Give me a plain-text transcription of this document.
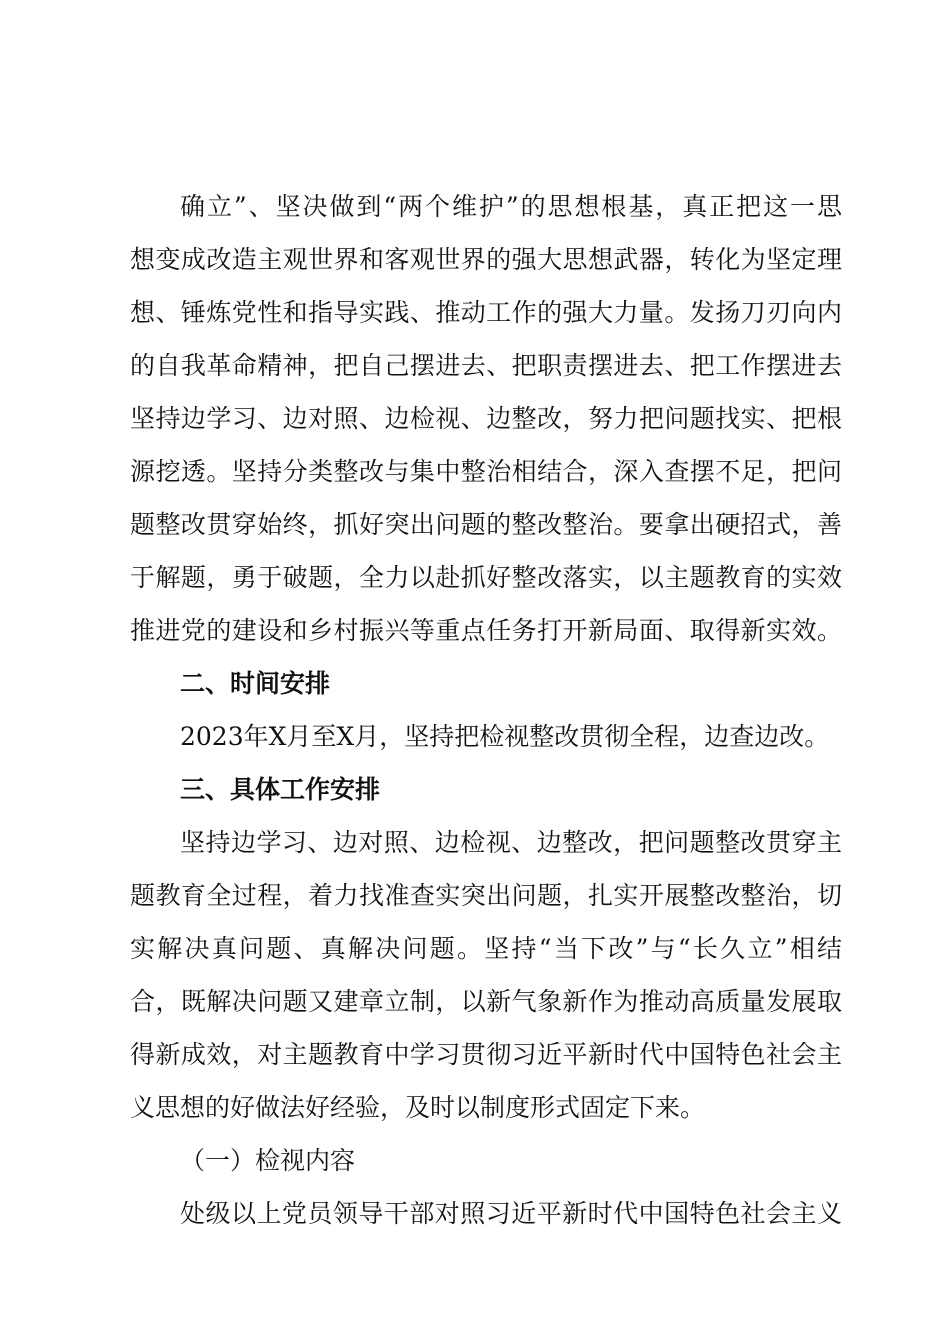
确立”、坚决做到“两个维护”的思想根基，真正把这一思
想变成改造主观世界和客观世界的强大思想武器，转化为坚定理
想、锤炼党性和指导实践、推动工作的强大力量。发扬刀刃向内
的自我革命精神，把自己摆进去、把职责摆进去、把工作摆进去
坚持边学习、边对照、边检视、边整改，努力把问题找实、把根
源挖透。坚持分类整改与集中整治相结合，深入查摆不足，把问
题整改贯穿始终，抓好突出问题的整改整治。要拿出硬招式，善
于解题，勇于破题，全力以赴抓好整改落实，以主题教育的实效
推进党的建设和乡村振兴等重点任务打开新局面、取得新实效。
二、时间安排
2023年X月至X月，坚持把检视整改贯彻全程，边查边改。
三、具体工作安排
坚持边学习、边对照、边检视、边整改，把问题整改贯穿主
题教育全过程，着力找准查实突出问题，扎实开展整改整治，切
实解决真问题、真解决问题。坚持“当下改”与“长久立”相结
合，既解决问题又建章立制，以新气象新作为推动高质量发展取
得新成效，对主题教育中学习贯彻习近平新时代中国特色社会主
义思想的好做法好经验，及时以制度形式固定下来。
（一）检视内容
处级以上党员领导干部对照习近平新时代中国特色社会主义
